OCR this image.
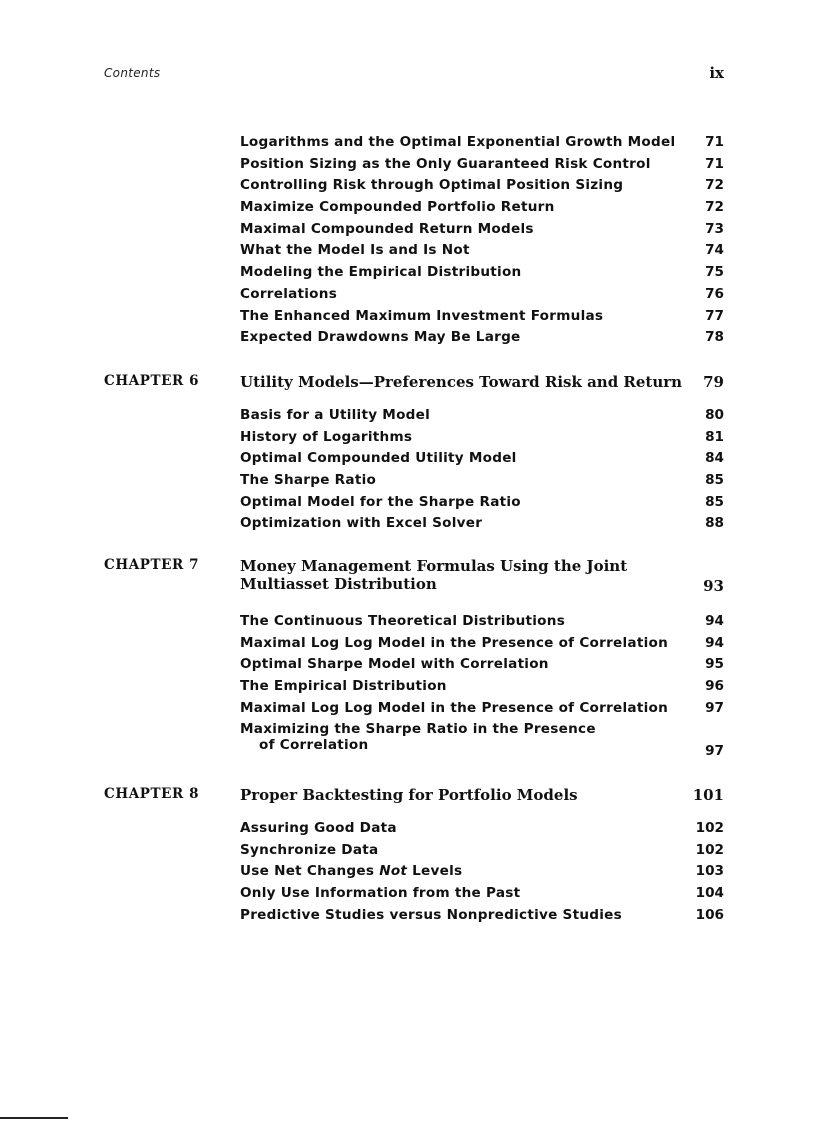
Contents	ix
Logarithms and the Optimal Exponential Growth Model 71
Position Sizing as the Only Guaranteed Risk Control	71
Controlling Risk through Optimal Position Sizing	72
Maximize Compounded Portfolio Return	72
Maximal Compounded Return Models	73
What the Model Is and Is Not	74
Modeling the Empirical Distribution	75
Correlations	76
The Enhanced Maximum Investment Formulas	77
Expected Drawdowns May Be Large	78
CHAPTER 6	Utility Models—Preferences Toward Risk and Return 79
Basis for a Utility Model	80
History of Logarithms	81
Optimal Compounded Utility Model	84
The Sharpe Ratio	85
Optimal Model for the Sharpe Ratio	85
Optimization with Excel Solver	88
CHAPTER 7	Money Management Formulas Using the Joint
Multiasset Distribution	93
The Continuous Theoretical Distributions	94
Maximal Log Log Model in the Presence of Correlation	94
Optimal Sharpe Model with Correlation	95
The Empirical Distribution	96
Maximal Log Log Model in the Presence of Correlation	97
Maximizing the Sharpe Ratio in the Presence
of Correlation	97
CHAPTER 8	Proper Backtesting for Portfolio Models	101
Assuring Good Data	102
Synchronize Data	102
Use Net Changes Not Levels	103
Only Use Information from the Past	104
Predictive Studies versus Nonpredictive Studies	106
